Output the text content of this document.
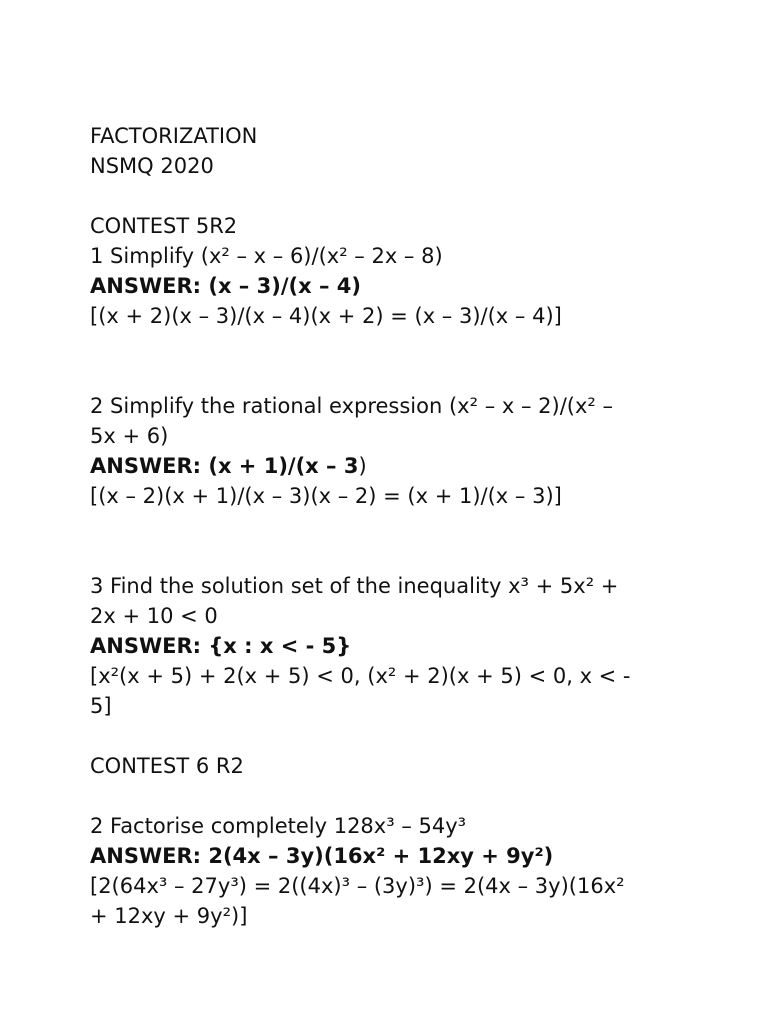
FACTORIZATION
NSMQ 2020
CONTEST 5R2
1 Simplify (x² – x – 6)/(x² – 2x – 8)
ANSWER: (x – 3)/(x – 4)
[(x + 2)(x – 3)/(x – 4)(x + 2) = (x – 3)/(x – 4)]
2 Simplify the rational expression (x² – x – 2)/(x² –
5x + 6)
ANSWER: (x + 1)/(x – 3)
[(x – 2)(x + 1)/(x – 3)(x – 2) = (x + 1)/(x – 3)]
3 Find the solution set of the inequality x³ + 5x² +
2x + 10 < 0
ANSWER: {x : x < - 5}
[x²(x + 5) + 2(x + 5) < 0, (x² + 2)(x + 5) < 0, x < -
5]
CONTEST 6 R2
2 Factorise completely 128x³ – 54y³
ANSWER: 2(4x – 3y)(16x² + 12xy + 9y²)
[2(64x³ – 27y³) = 2((4x)³ – (3y)³) = 2(4x – 3y)(16x²
+ 12xy + 9y²)]
